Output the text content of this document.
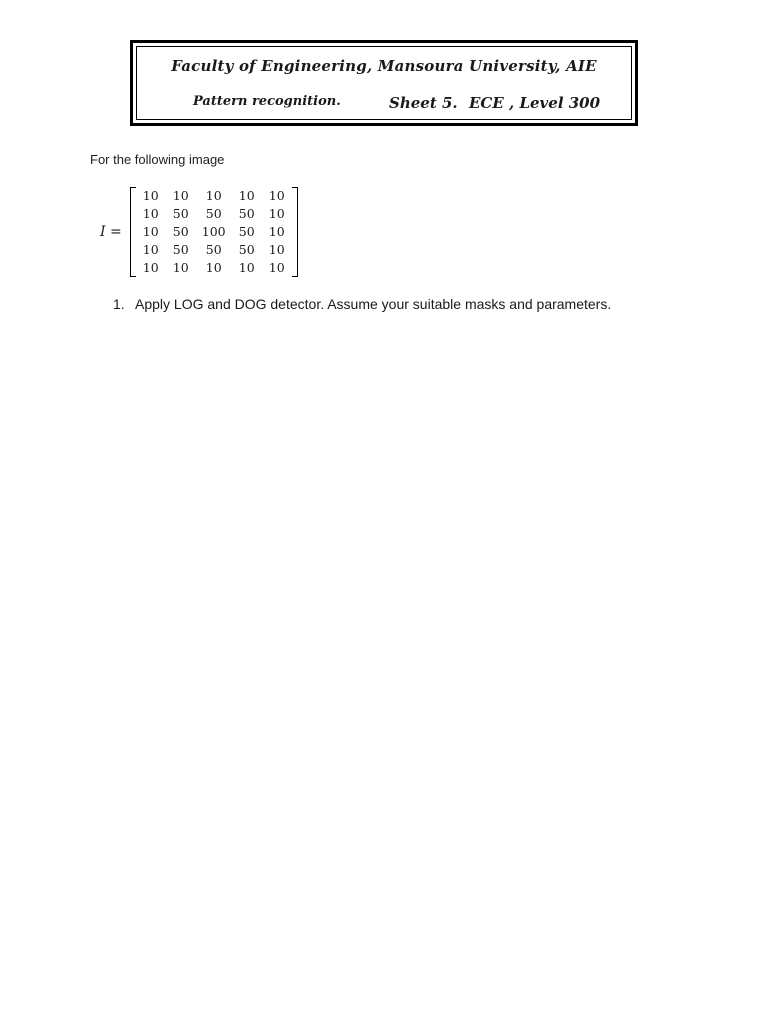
Faculty of Engineering, Mansoura University, AIE
Pattern recognition.	Sheet 5. ECE , Level 300
For the following image
I =
10	10	10	10	10
10	50	50	50	10
10	50	100	50	10
10	50	50	50	10
10	10	10	10	10
1. Apply LOG and DOG detector. Assume your suitable masks and parameters.
